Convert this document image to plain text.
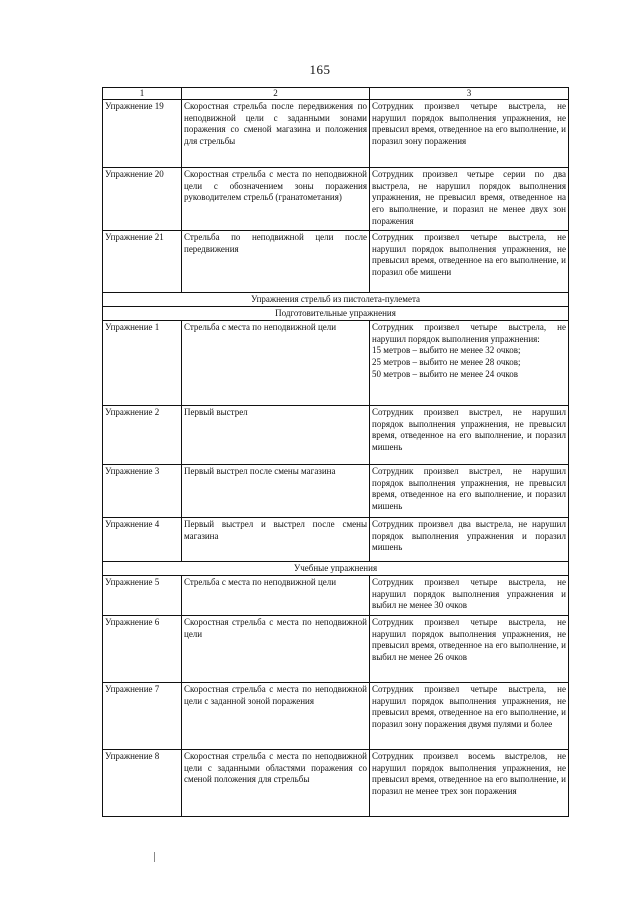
165
1	2	3
Упражнение 19	Скоростная стрельба после передвижения по неподвижной цели с заданными зонами поражения со сменой магазина и положения для стрельбы	Сотрудник произвел четыре выстрела, не нарушил порядок выполнения упражнения, не превысил время, отведенное на его выполнение, и поразил зону поражения
Упражнение 20	Скоростная стрельба с места по неподвижной цели с обозначением зоны поражения руководителем стрельб (гранатометания)	Сотрудник произвел четыре серии по два выстрела, не нарушил порядок выполнения упражнения, не превысил время, отведенное на его выполнение, и поразил не менее двух зон поражения
Упражнение 21	Стрельба по неподвижной цели после передвижения	Сотрудник произвел четыре выстрела, не нарушил порядок выполнения упражнения, не превысил время, отведенное на его выполнение, и поразил обе мишени
Упражнения стрельб из пистолета-пулемета		
Подготовительные упражнения		
Упражнение 1	Стрельба с места по неподвижной цели	Сотрудник произвел четыре выстрела, не нарушил порядок выполнения упражнения:
15 метров – выбито не менее 32 очков;
25 метров – выбито не менее 28 очков;
50 метров – выбито не менее 24 очков

Упражнение 2	Первый выстрел	Сотрудник произвел выстрел, не нарушил порядок выполнения упражнения, не превысил время, отведенное на его выполнение, и поразил мишень
Упражнение 3	Первый выстрел после смены магазина	Сотрудник произвел выстрел, не нарушил порядок выполнения упражнения, не превысил время, отведенное на его выполнение, и поразил мишень
Упражнение 4	Первый выстрел и выстрел после смены магазина	Сотрудник произвел два выстрела, не нарушил порядок выполнения упражнения и поразил мишень
Учебные упражнения		
Упражнение 5	Стрельба с места по неподвижной цели	Сотрудник произвел четыре выстрела, не нарушил порядок выполнения упражнения и выбил не менее 30 очков
Упражнение 6	Скоростная стрельба с места по неподвижной цели	Сотрудник произвел четыре выстрела, не нарушил порядок выполнения упражнения, не превысил время, отведенное на его выполнение, и выбил не менее 26 очков
Упражнение 7	Скоростная стрельба с места по неподвижной цели с заданной зоной поражения	Сотрудник произвел четыре выстрела, не нарушил порядок выполнения упражнения, не превысил время, отведенное на его выполнение, и поразил зону поражения двумя пулями и более
Упражнение 8	Скоростная стрельба с места по неподвижной цели с заданными областями поражения со сменой положения для стрельбы	Сотрудник произвел восемь выстрелов, не нарушил порядок выполнения упражнения, не превысил время, отведенное на его выполнение, и поразил не менее трех зон поражения
